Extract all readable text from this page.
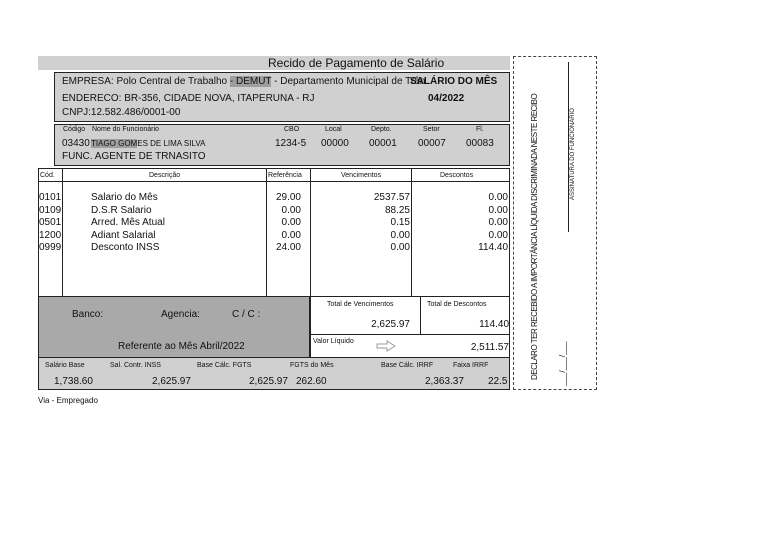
Recido de Pagamento de Salário
EMPRESA: Polo Central de Trabalho - DEMUT - Departamento Municipal de Trân
SALÁRIO DO MÊS
ENDERECO: BR-356, CIDADE NOVA, ITAPERUNA - RJ	04/2022
CNPJ:12.582.486/0001-00
Código Nome do Funcionário	CBO	Local	Depto.	Setor	Fl.
03430 TIAGO GOMES DE LIMA SILVA	1234-5 00000 00001 00007 00083
FUNC. AGENTE DE TRNASITO
Cód.	Descrição	Referência	Vencimentos	Descontos
0101	Salario do Mês	29.00	2537.57	0.00
0109	D.S.R Salario	0.00	88.25	0.00
0501	Arred. Mês Atual	0.00	0.15	0.00
1200	Adiant Salarial	0.00	0.00	0.00
0999	Desconto INSS	24.00	0.00	114.40
Banco:	Agencia:	C / C :
Referente ao Mês Abril/2022
Total de Vencimentos	Total de Descontos
2,625.97	114.40
Valor Líquido
2,511.57
Salário Base	Sal. Contr. INSS	Base Cálc. FGTS	FGTS do Mês	Base Cálc. IRRF	Faixa IRRF
1,738.60	2,625.97	2,625.97 262.60	2,363.37 22.5
Via - Empregado
DECLARO TER RECEBIDO A IMPORTÂNCIA LÍQUIDA DISCRIMINADA NESTE RECIBO	ASSINATURA DO FUNCIONÁRIO
___/___/___
